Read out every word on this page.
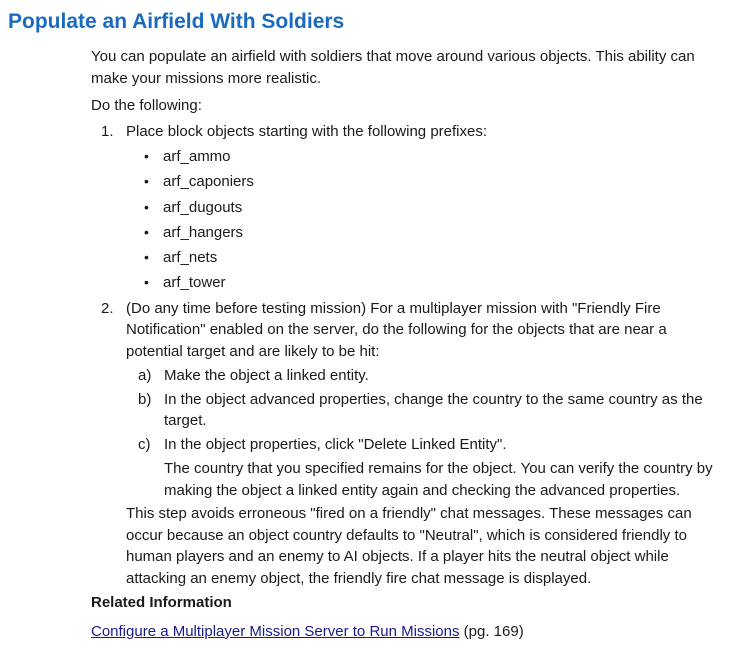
Populate an Airfield With Soldiers

You can populate an airfield with soldiers that move around various objects. This ability can make your missions more realistic.

Do the following:

1. Place block objects starting with the following prefixes:

• arf_ammo
• arf_caponiers
• arf_dugouts
• arf_hangers
• arf_nets
• arf_tower
2. (Do any time before testing mission) For a multiplayer mission with "Friendly Fire Notification" enabled on the server, do the following for the objects that are near a potential target and are likely to be hit:

a) Make the object a linked entity.

b) In the object advanced properties, change the country to the same country as the target.

c) In the object properties, click "Delete Linked Entity".

The country that you specified remains for the object. You can verify the country by making the object a linked entity again and checking the advanced properties.

This step avoids erroneous "fired on a friendly" chat messages. These messages can occur because an object country defaults to "Neutral", which is considered friendly to human players and an enemy to AI objects. If a player hits the neutral object while attacking an enemy object, the friendly fire chat message is displayed.

Related Information

Configure a Multiplayer Mission Server to Run Missions (pg. 169)
